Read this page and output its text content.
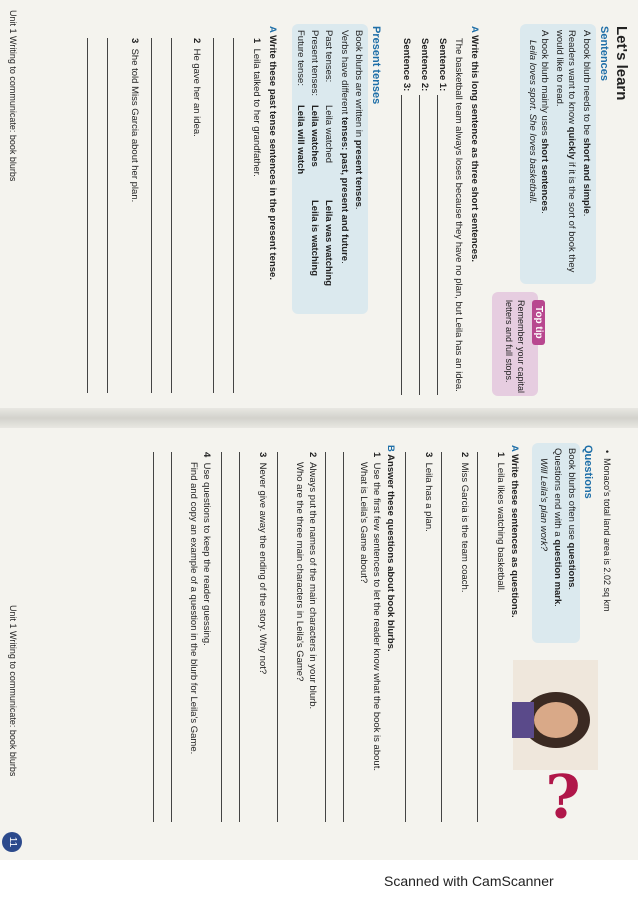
Let's learn
Sentences
A book blurb needs to be short and simple.
Readers want to know quickly if it is the sort of book they
would like to read.
A book blurb mainly uses short sentences.
Leila loves sport. She loves basketball.
Top tip
Remember your capital
letters and full stops.
A Write this long sentence as three short sentences.
The basketball team always loses because they have no plan, but Leila has an idea.
Sentence 1:
Sentence 2:
Sentence 3:
Present tenses
Book blurbs are written in present tenses.
Verbs have different tenses: past, present and future.
Past tenses:
Leila watched
Leila was watching
Present tenses:
Leila watches
Leila is watching
Future tense:
Leila will watch
A Write these past tense sentences in the present tense.
1  Leila talked to her grandfather.
2  He gave her an idea.
3  She told Miss Garcia about her plan.
Unit 1 Writing to communicate: book blurbs
•  Monaco's total land area is 2.02 sq km
Questions
Book blurbs often use questions.
Questions end with a question mark.
Will Leila's plan work?
?
A Write these sentences as questions.
1  Leila likes watching basketball.
2  Miss Garcia is the team coach.
3  Leila has a plan.
B Answer these questions about book blurbs.
1  Use the first few sentences to let the reader know what the book is about.
What is Leila's Game about?
2  Always put the names of the main characters in your blurb.
Who are the three main characters in Leila's Game?
3  Never give away the ending of the story. Why not?
4  Use questions to keep the reader guessing.
Find and copy an example of a question in the blurb for Leila's Game.
Unit 1 Writing to communicate: book blurbs
11
Scanned with CamScanner
